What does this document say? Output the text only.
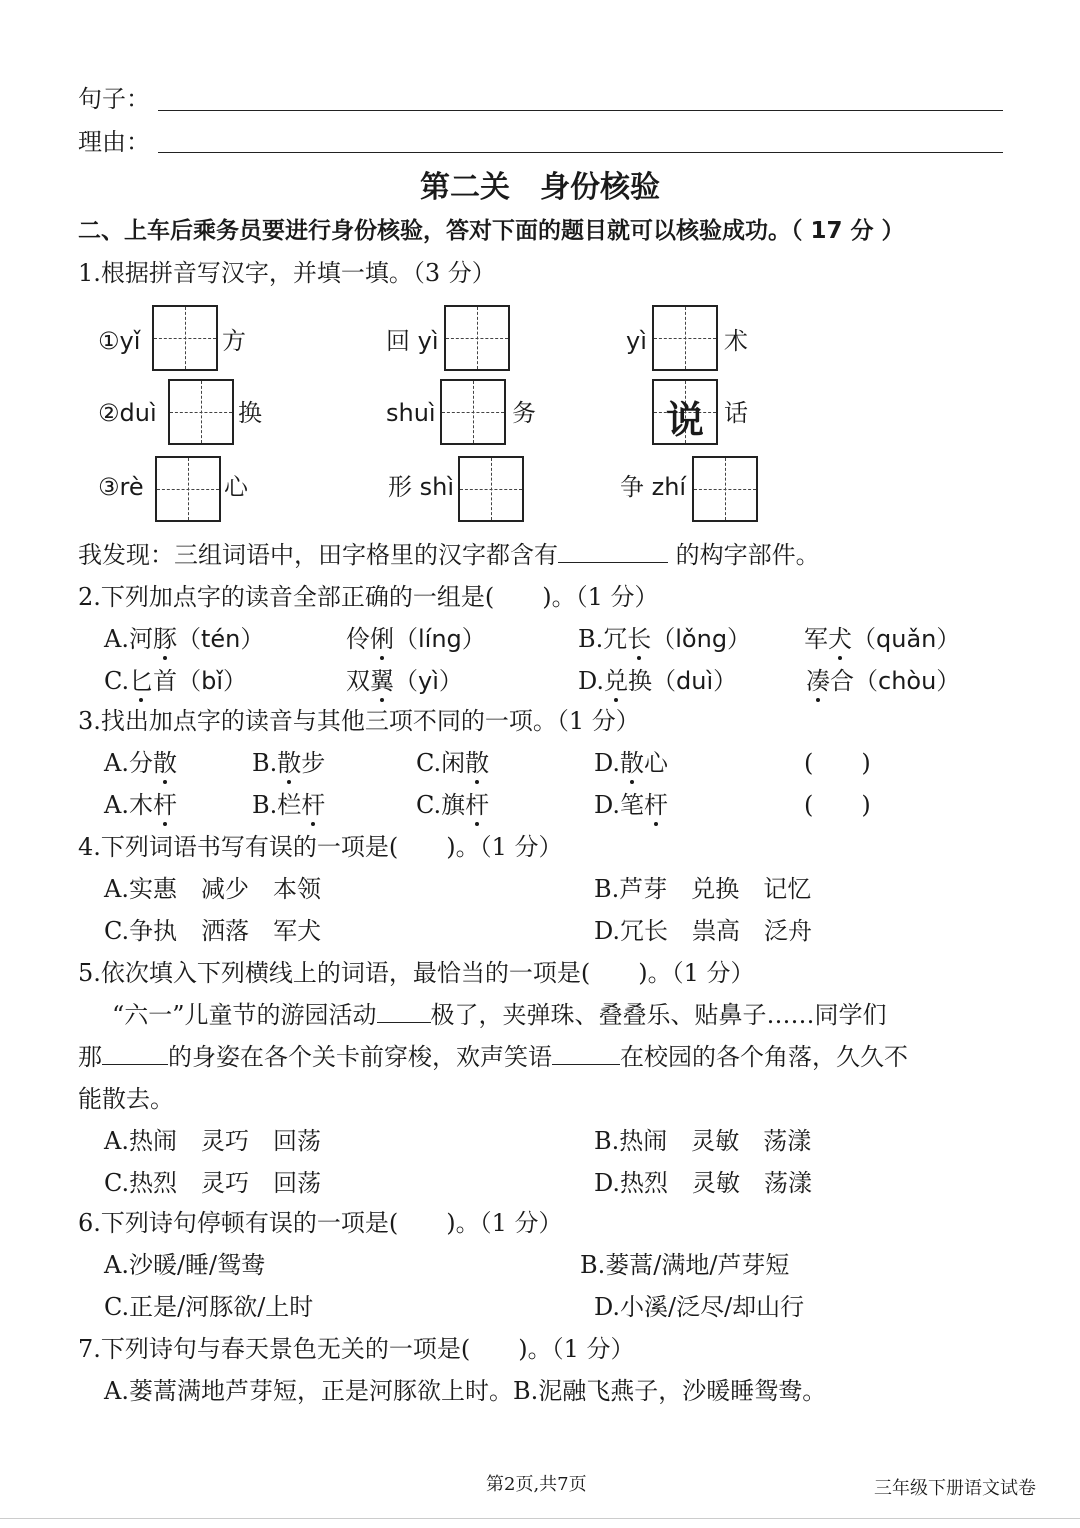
句子：
理由：
第二关　身份核验
二、上车后乘务员要进行身份核验，答对下面的题目就可以核验成功。（ 17 分 ）
1.根据拼音写汉字，并填一填。（3 分）
①yǐ	方	回 yì	yì	术
②duì	换	shuì	务	说 话
③rè	心	形 shì	争 zhí
我发现：三组词语中，田字格里的汉字都含有	的构字部件。
2.下列加点字的读音全部正确的一组是(　　)。（1 分）
A.河豚（tén）	伶俐（líng）	B.冗长（lǒng） 军犬（quǎn）
C.匕首（bǐ）	双翼（yì）	D.兑换（duì）	凑合（chòu）
3.找出加点字的读音与其他三项不同的一项。（1 分）
A.分散	B.散步	C.闲散	D.散心	(　　)
A.木杆	B.栏杆	C.旗杆	D.笔杆	(　　)
4.下列词语书写有误的一项是(　　)。（1 分）
A.实惠　减少　本领	B.芦芽　兑换　记忆
C.争执　洒落　军犬	D.冗长　祟高　泛舟
5.依次填入下列横线上的词语，最恰当的一项是(　　)。（1 分）
“六一”儿童节的游园活动 极了，夹弹珠、叠叠乐、贴鼻子……同学们
那	的身姿在各个关卡前穿梭，欢声笑语	在校园的各个角落，久久不
能散去。
A.热闹　灵巧　回荡	B.热闹　灵敏　荡漾
C.热烈　灵巧　回荡	D.热烈　灵敏　荡漾
6.下列诗句停顿有误的一项是(　　)。（1 分）
A.沙暖/睡/鸳鸯	B.蒌蒿/满地/芦芽短
C.正是/河豚欲/上时	D.小溪/泛尽/却山行
7.下列诗句与春天景色无关的一项是(　　)。（1 分）
A.蒌蒿满地芦芽短，正是河豚欲上时。B.泥融飞燕子，沙暖睡鸳鸯。
第2页,共7页	三年级下册语文试卷
